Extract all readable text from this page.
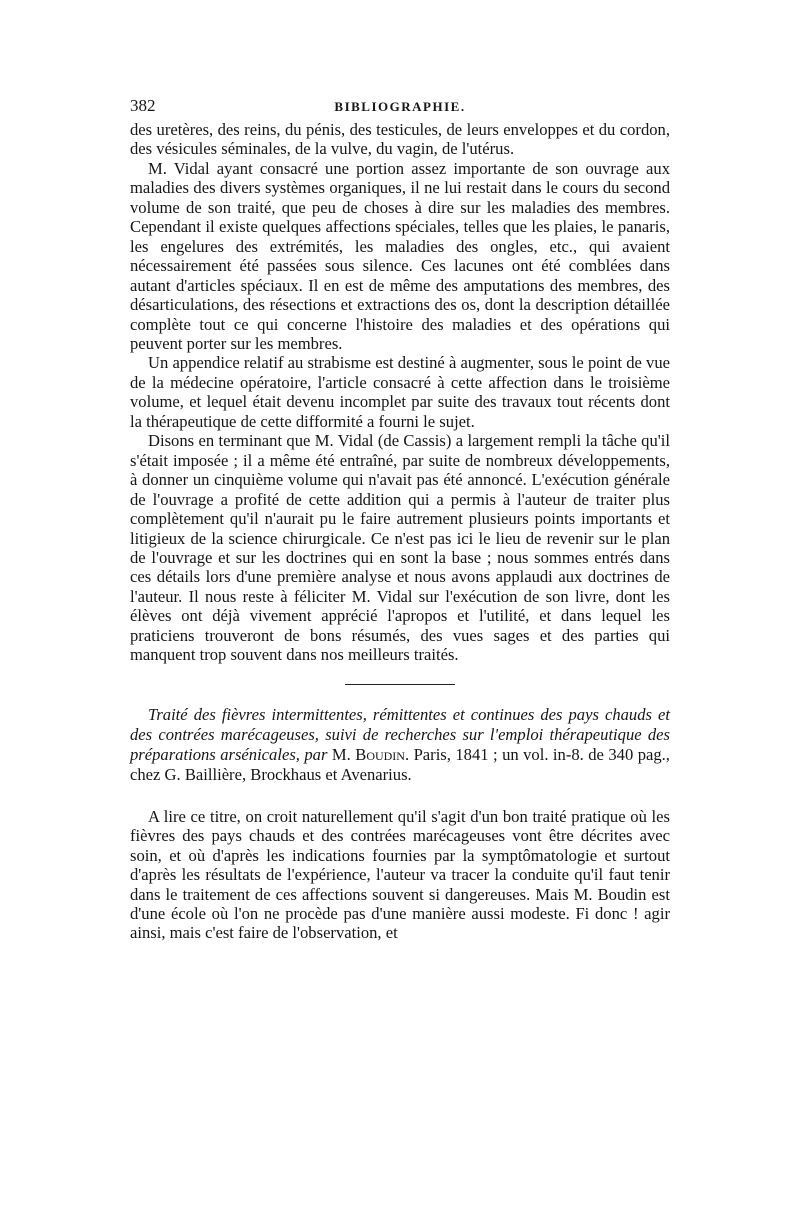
382	BIBLIOGRAPHIE.

des uretères, des reins, du pénis, des testicules, de leurs enveloppes et du cordon, des vésicules séminales, de la vulve, du vagin, de l'utérus.

M. Vidal ayant consacré une portion assez importante de son ouvrage aux maladies des divers systèmes organiques, il ne lui restait dans le cours du second volume de son traité, que peu de choses à dire sur les maladies des membres. Cependant il existe quelques affections spéciales, telles que les plaies, le panaris, les engelures des extrémités, les maladies des ongles, etc., qui avaient nécessairement été passées sous silence. Ces lacunes ont été comblées dans autant d'articles spéciaux. Il en est de même des amputations des membres, des désarticulations, des résections et extractions des os, dont la description détaillée complète tout ce qui concerne l'histoire des maladies et des opérations qui peuvent porter sur les membres.

Un appendice relatif au strabisme est destiné à augmenter, sous le point de vue de la médecine opératoire, l'article consacré à cette affection dans le troisième volume, et lequel était devenu incomplet par suite des travaux tout récents dont la thérapeutique de cette difformité a fourni le sujet.

Disons en terminant que M. Vidal (de Cassis) a largement rempli la tâche qu'il s'était imposée ; il a même été entraîné, par suite de nombreux développements, à donner un cinquième volume qui n'avait pas été annoncé. L'exécution générale de l'ouvrage a profité de cette addition qui a permis à l'auteur de traiter plus complètement qu'il n'aurait pu le faire autrement plusieurs points importants et litigieux de la science chirurgicale. Ce n'est pas ici le lieu de revenir sur le plan de l'ouvrage et sur les doctrines qui en sont la base ; nous sommes entrés dans ces détails lors d'une première analyse et nous avons applaudi aux doctrines de l'auteur. Il nous reste à féliciter M. Vidal sur l'exécution de son livre, dont les élèves ont déjà vivement apprécié l'apropos et l'utilité, et dans lequel les praticiens trouveront de bons résumés, des vues sages et des parties qui manquent trop souvent dans nos meilleurs traités.

Traité des fièvres intermittentes, rémittentes et continues des pays chauds et des contrées marécageuses, suivi de recherches sur l'emploi thérapeutique des préparations arsénicales, par M. Boudin. Paris, 1841 ; un vol. in-8. de 340 pag., chez G. Baillière, Brockhaus et Avenarius.

A lire ce titre, on croit naturellement qu'il s'agit d'un bon traité pratique où les fièvres des pays chauds et des contrées marécageuses vont être décrites avec soin, et où d'après les indications fournies par la symptômatologie et surtout d'après les résultats de l'expérience, l'auteur va tracer la conduite qu'il faut tenir dans le traitement de ces affections souvent si dangereuses. Mais M. Boudin est d'une école où l'on ne procède pas d'une manière aussi modeste. Fi donc ! agir ainsi, mais c'est faire de l'observation, et
